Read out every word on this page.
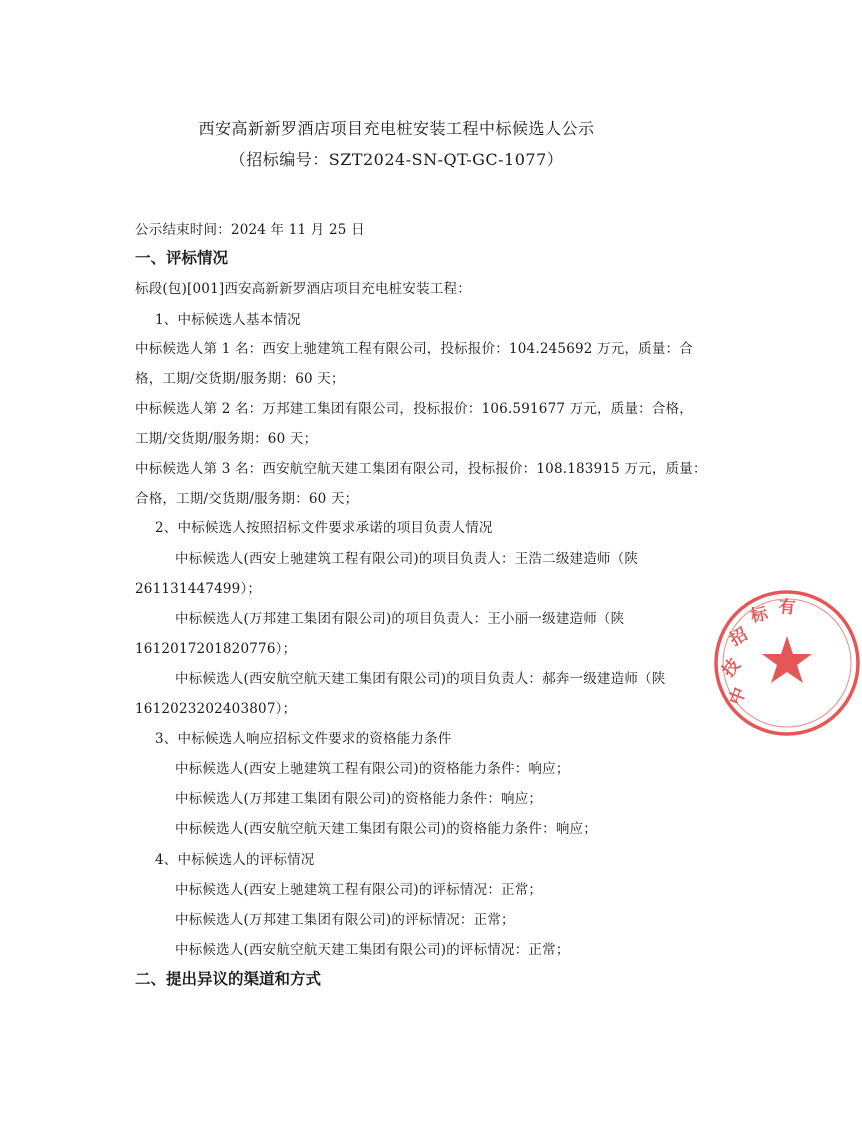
西安高新新罗酒店项目充电桩安装工程中标候选人公示
（招标编号：SZT2024-SN-QT-GC-1077）
公示结束时间：2024 年 11 月 25 日
一、评标情况
标段(包)[001]西安高新新罗酒店项目充电桩安装工程：
1、中标候选人基本情况
中标候选人第 1 名：西安上驰建筑工程有限公司，投标报价：104.245692 万元，质量：合
格，工期/交货期/服务期：60 天；
中标候选人第 2 名：万邦建工集团有限公司，投标报价：106.591677 万元，质量：合格，
工期/交货期/服务期：60 天；
中标候选人第 3 名：西安航空航天建工集团有限公司，投标报价：108.183915 万元，质量：
合格，工期/交货期/服务期：60 天；
2、中标候选人按照招标文件要求承诺的项目负责人情况
中标候选人(西安上驰建筑工程有限公司)的项目负责人：王浩二级建造师（陕
261131447499）；
中标候选人(万邦建工集团有限公司)的项目负责人：王小丽一级建造师（陕
1612017201820776）；
中标候选人(西安航空航天建工集团有限公司)的项目负责人：郝奔一级建造师（陕
1612023202403807）；
3、中标候选人响应招标文件要求的资格能力条件
中标候选人(西安上驰建筑工程有限公司)的资格能力条件：响应；
中标候选人(万邦建工集团有限公司)的资格能力条件：响应；
中标候选人(西安航空航天建工集团有限公司)的资格能力条件：响应；
4、中标候选人的评标情况
中标候选人(西安上驰建筑工程有限公司)的评标情况：正常；
中标候选人(万邦建工集团有限公司)的评标情况：正常；
中标候选人(西安航空航天建工集团有限公司)的评标情况：正常；
二、提出异议的渠道和方式
中
技
招
标 有
